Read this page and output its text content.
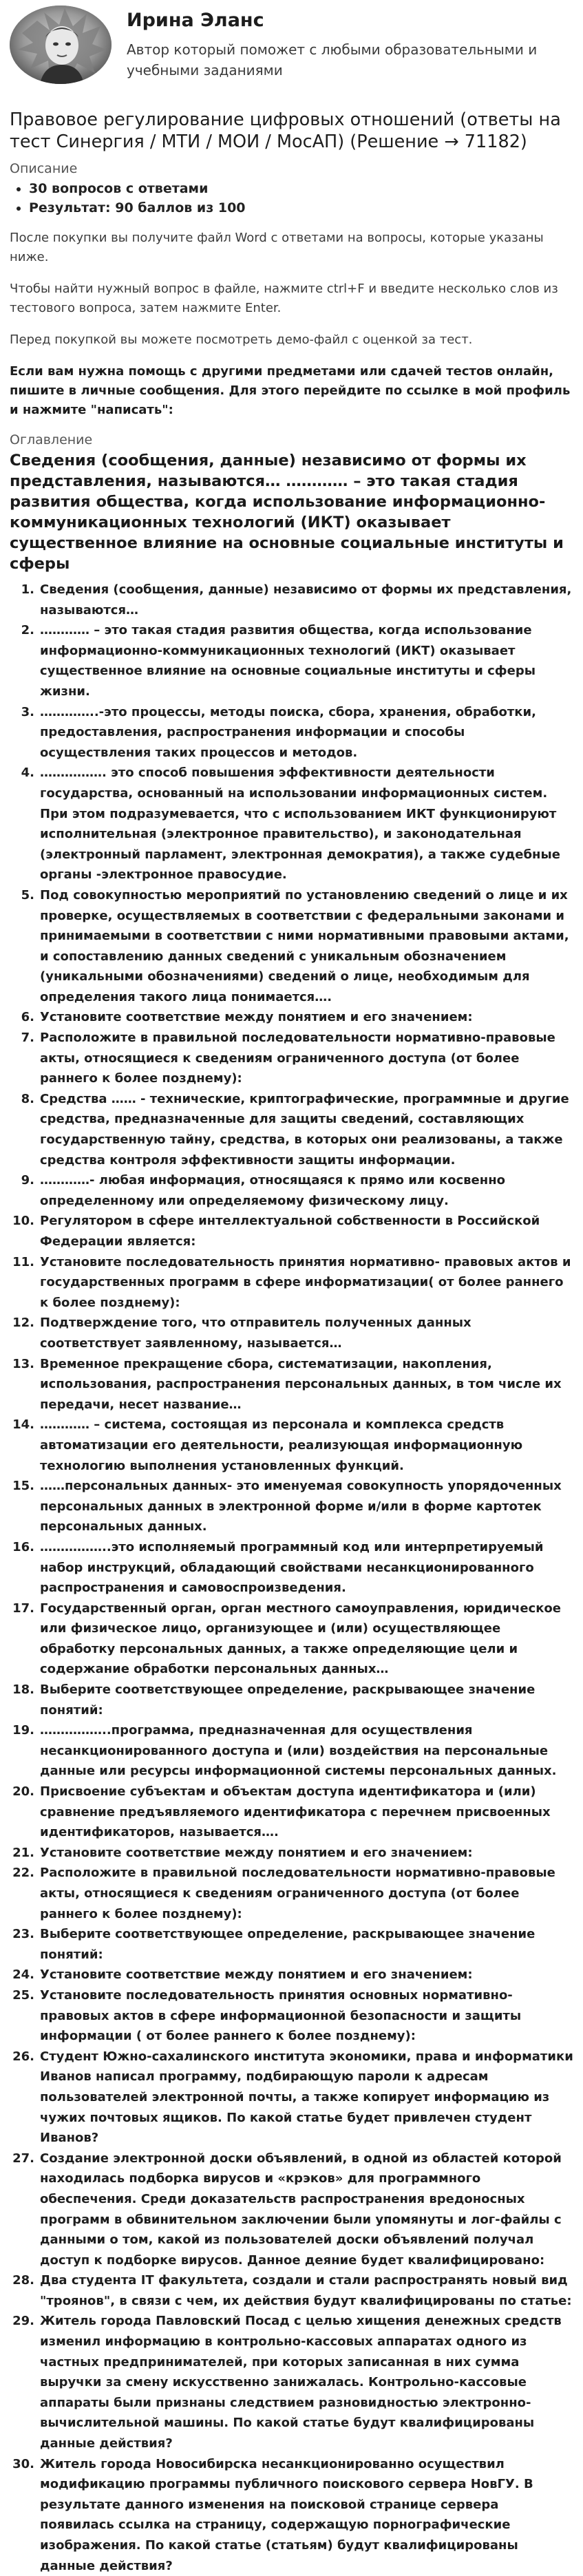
Ирина Эланс
Автор который поможет с любыми образовательными и учебными заданиями
Правовое регулирование цифровых отношений (ответы на тест Синергия / МТИ / МОИ / МосАП) (Решение → 71182)
Описание
• 30 вопросов с ответами
• Результат: 90 баллов из 100

После покупки вы получите файл Word с ответами на вопросы, которые указаны ниже.

Чтобы найти нужный вопрос в файле, нажмите ctrl+F и введите несколько слов из тестового вопроса, затем нажмите Enter.

Перед покупкой вы можете посмотреть демо-файл с оценкой за тест.

Если вам нужна помощь с другими предметами или сдачей тестов онлайн, пишите в личные сообщения. Для этого перейдите по ссылке в мой профиль и нажмите "написать":

Оглавление
Сведения (сообщения, данные) независимо от формы их представления, называются… ………… – это такая стадия развития общества, когда использование информационно-коммуникационных технологий (ИКТ) оказывает существенное влияние на основные социальные институты и сферы
1. Сведения (сообщения, данные) независимо от формы их представления, называются…
2. ………… – это такая стадия развития общества, когда использование информационно-коммуникационных технологий (ИКТ) оказывает существенное влияние на основные социальные институты и сферы жизни.
3. …………..-это процессы, методы поиска, сбора, хранения, обработки, предоставления, распространения информации и способы осуществления таких процессов и методов.
4. ……………. это способ повышения эффективности деятельности государства, основанный на использовании информационных систем. При этом подразумевается, что с использованием ИКТ функционируют исполнительная (электронное правительство), и законодательная (электронный парламент, электронная демократия), а также судебные органы -электронное правосудие.
5. Под совокупностью мероприятий по установлению сведений о лице и их проверке, осуществляемых в соответствии с федеральными законами и принимаемыми в соответствии с ними нормативными правовыми актами, и сопоставлению данных сведений с уникальным обозначением (уникальными обозначениями) сведений о лице, необходимым для определения такого лица понимается….
6. Установите соответствие между понятием и его значением:
7. Расположите в правильной последовательности нормативно-правовые акты, относящиеся к сведениям ограниченного доступа (от более раннего к более позднему):
8. Средства …… - технические, криптографические, программные и другие средства, предназначенные для защиты сведений, составляющих государственную тайну, средства, в которых они реализованы, а также средства контроля эффективности защиты информации.
9. …………- любая информация, относящаяся к прямо или косвенно определенному или определяемому физическому лицу.
10. Регулятором в сфере интеллектуальной собственности в Российской Федерации является:
11. Установите последовательность принятия нормативно- правовых актов и государственных программ в сфере информатизации( от более раннего к более позднему):
12. Подтверждение того, что отправитель полученных данных соответствует заявленному, называется…
13. Временное прекращение сбора, систематизации, накопления, использования, распространения персональных данных, в том числе их передачи, несет название…
14. ………… – система, состоящая из персонала и комплекса средств автоматизации его деятельности, реализующая информационную технологию выполнения установленных функций.
15. ……персональных данных- это именуемая совокупность упорядоченных персональных данных в электронной форме и/или в форме картотек персональных данных.
16. ……………..это исполняемый программный код или интерпретируемый набор инструкций, обладающий свойствами несанкционированного распространения и самовоспроизведения.
17. Государственный орган, орган местного самоуправления, юридическое или физическое лицо, организующее и (или) осуществляющее обработку персональных данных, а также определяющие цели и содержание обработки персональных данных…
18. Выберите соответствующее определение, раскрывающее значение понятий:
19. ……………..программа, предназначенная для осуществления несанкционированного доступа и (или) воздействия на персональные данные или ресурсы информационной системы персональных данных.
20. Присвоение субъектам и объектам доступа идентификатора и (или) сравнение предъявляемого идентификатора с перечнем присвоенных идентификаторов, называется….
21. Установите соответствие между понятием и его значением:
22. Расположите в правильной последовательности нормативно-правовые акты, относящиеся к сведениям ограниченного доступа (от более раннего к более позднему):
23. Выберите соответствующее определение, раскрывающее значение понятий:
24. Установите соответствие между понятием и его значением:
25. Установите последовательность принятия основных нормативно-правовых актов в сфере информационной безопасности и защиты информации ( от более раннего к более позднему):
26. Студент Южно-сахалинского института экономики, права и информатики Иванов написал программу, подбирающую пароли к адресам пользователей электронной почты, а также копирует информацию из чужих почтовых ящиков. По какой статье будет привлечен студент Иванов?
27. Создание электронной доски объявлений, в одной из областей которой находилась подборка вирусов и «крэков» для программного обеспечения. Среди доказательств распространения вредоносных программ в обвинительном заключении были упомянуты и лог-файлы с данными о том, какой из пользователей доски объявлений получал доступ к подборке вирусов. Данное деяние будет квалифицировано:
28. Два студента IT факультета, создали и стали распространять новый вид "троянов", в связи с чем, их действия будут квалифицированы по статье:
29. Житель города Павловский Посад с целью хищения денежных средств изменил информацию в контрольно-кассовых аппаратах одного из частных предпринимателей, при которых записанная в них сумма выручки за смену искусственно занижалась. Контрольно-кассовые аппараты были признаны следствием разновидностью электронно-вычислительной машины. По какой статье будут квалифицированы данные действия?
30. Житель города Новосибирска несанкционированно осуществил модификацию программы публичного поискового сервера НовГУ. В результате данного изменения на поисковой странице сервера появилась ссылка на страницу, содержащую порнографические изображения. По какой статье (статьям) будут квалифицированы данные действия?
